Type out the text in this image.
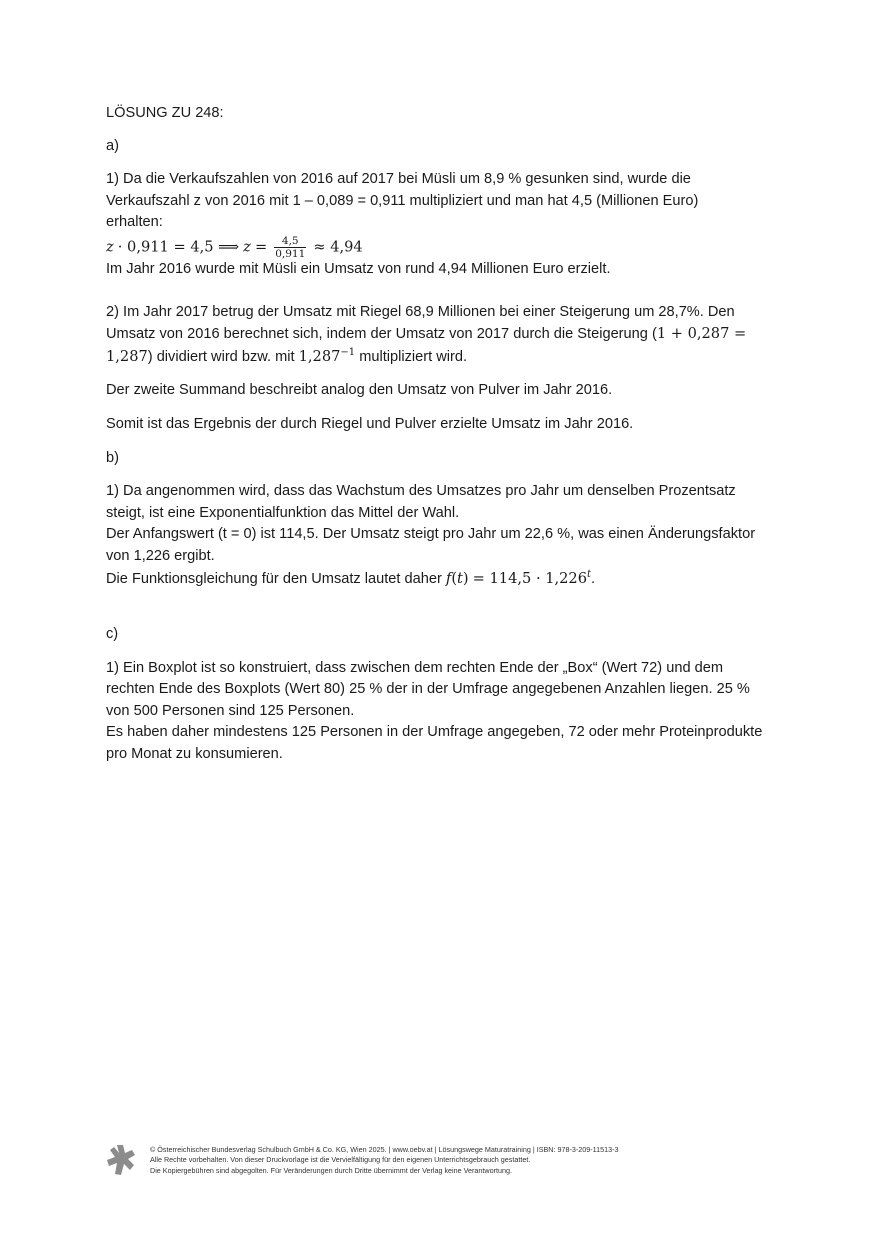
LÖSUNG ZU 248:

a)

1) Da die Verkaufszahlen von 2016 auf 2017 bei Müsli um 8,9 % gesunken sind, wurde die
Verkaufszahl z von 2016 mit 1 – 0,089 = 0,911 multipliziert und man hat 4,5 (Millionen Euro)
erhalten:
z · 0,911 = 4,5 ⟹ $z = \frac{4,5}{0,911} \approx 4,94$
Im Jahr 2016 wurde mit Müsli ein Umsatz von rund 4,94 Millionen Euro erzielt.
2) Im Jahr 2017 betrug der Umsatz mit Riegel 68,9 Millionen bei einer Steigerung um 28,7%. Den
Umsatz von 2016 berechnet sich, indem der Umsatz von 2017 durch die Steigerung (1 + 0,287 =
1,287) dividiert wird bzw. mit $1,287^{-1}$ multipliziert wird.

Der zweite Summand beschreibt analog den Umsatz von Pulver im Jahr 2016.

Somit ist das Ergebnis der durch Riegel und Pulver erzielte Umsatz im Jahr 2016.

b)

1) Da angenommen wird, dass das Wachstum des Umsatzes pro Jahr um denselben Prozentsatz
steigt, ist eine Exponentialfunktion das Mittel der Wahl.
Der Anfangswert (t = 0) ist 114,5. Der Umsatz steigt pro Jahr um 22,6 %, was einen Änderungsfaktor
von 1,226 ergibt.
Die Funktionsgleichung für den Umsatz lautet daher $f(t) = 114,5 \cdot 1,226^t$.

c)

1) Ein Boxplot ist so konstruiert, dass zwischen dem rechten Ende der „Box“ (Wert 72) und dem
rechten Ende des Boxplots (Wert 80) 25 % der in der Umfrage angegebenen Anzahlen liegen. 25 %
von 500 Personen sind 125 Personen.
Es haben daher mindestens 125 Personen in der Umfrage angegeben, 72 oder mehr Proteinprodukte
pro Monat zu konsumieren.
© Österreichischer Bundesverlag Schulbuch GmbH & Co. KG, Wien 2025. | www.oebv.at | Lösungswege Maturatraining | ISBN: 978-3-209-11513-3
Alle Rechte vorbehalten. Von dieser Druckvorlage ist die Vervielfältigung für den eigenen Unterrichtsgebrauch gestattet.
Die Kopiergebühren sind abgegolten. Für Veränderungen durch Dritte übernimmt der Verlag keine Verantwortung.
